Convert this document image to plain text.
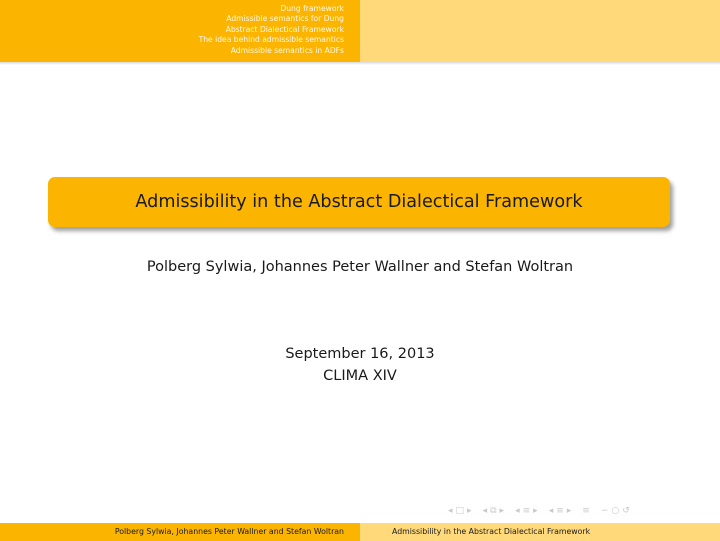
Dung framework
Admissible semantics for Dung
Abstract Dialectical Framework
The idea behind admissible semantics
Admissible semantics in ADFs
Admissibility in the Abstract Dialectical Framework
Polberg Sylwia, Johannes Peter Wallner and Stefan Woltran
September 16, 2013
CLIMA XIV
◂ □ ▸ ◂ ⧉ ▸ ◂ ≡ ▸ ◂ ≡ ▸ ≡ ∽ ○ ↺
Polberg Sylwia, Johannes Peter Wallner and Stefan Woltran	Admissibility in the Abstract Dialectical Framework
